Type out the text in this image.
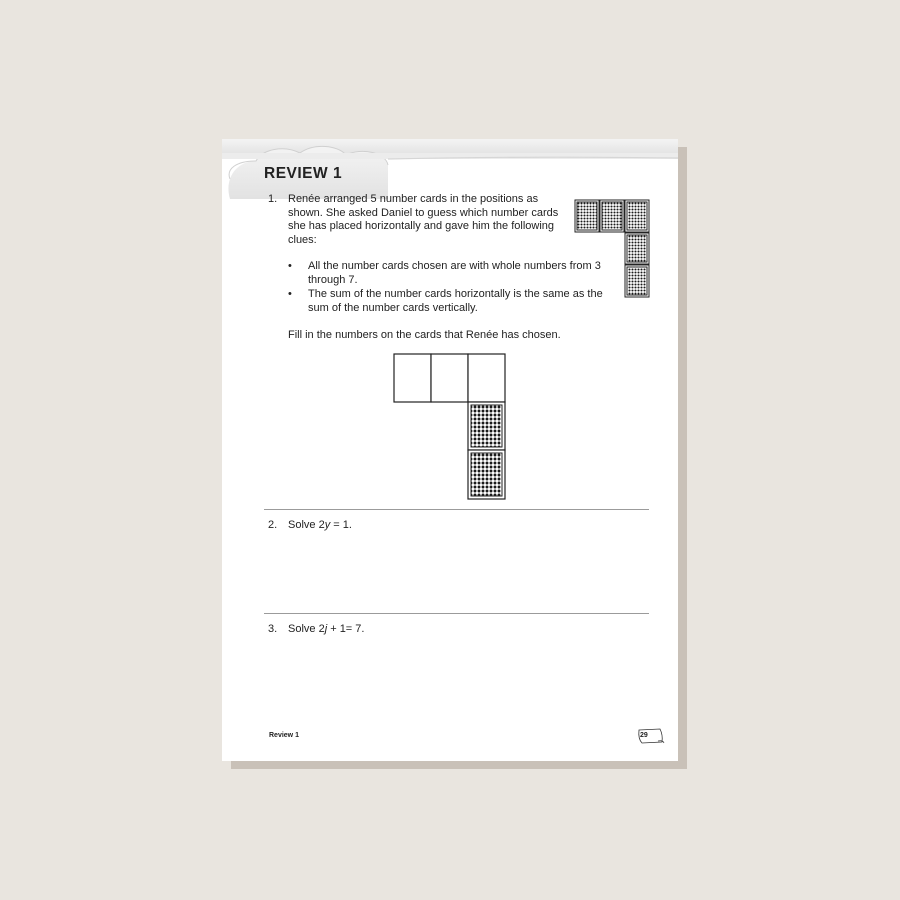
REVIEW 1
1. Renée arranged 5 number cards in the positions as shown. She asked Daniel to guess which number cards she has placed horizontally and gave him the following clues:

• All the number cards chosen are with whole numbers from 3 through 7.
• The sum of the number cards horizontally is the same as the sum of the number cards vertically.

Fill in the numbers on the cards that Renée has chosen.

2. Solve 2y = 1.

3. Solve 2j + 1= 7.

Review 1	29
